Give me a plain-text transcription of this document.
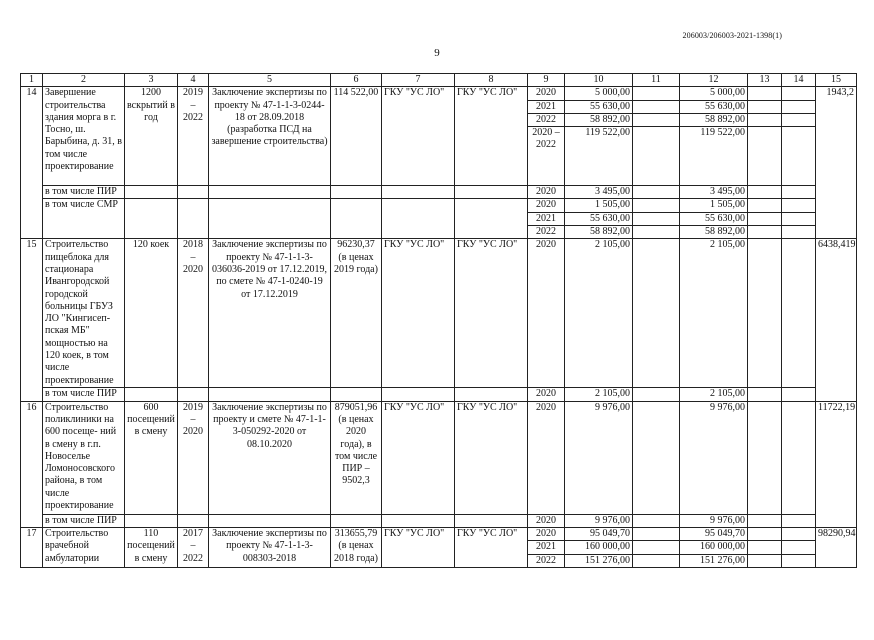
206003/206003-2021-1398(1)
9
1	2	3	4	5	6	7	8	9	10	11	12	13	14	15
14	Завершение строительства здания морга в г. Тосно, ш. Барыбина, д. 31, в том числе проектирование	1200 вскрытий в год	2019 – 2022	Заключение экспертизы по проекту № 47-1-1-3-0244-18 от 28.09.2018 (разработка ПСД на завершение строительства)	114 522,00	ГКУ "УС ЛО"	ГКУ "УС ЛО"	2020	5 000,00		5 000,00			1943,2
								2021	55 630,00		55 630,00			
								2022	58 892,00		58 892,00			
								2020 – 2022	119 522,00		119 522,00			
	в том числе ПИР							2020	3 495,00		3 495,00			
	в том числе СМР							2020	1 505,00		1 505,00			
								2021	55 630,00		55 630,00			
								2022	58 892,00		58 892,00			
15	Строительство пищеблока для стационара Ивангородской городской больницы ГБУЗ ЛО "Кингисеп- пская МБ" мощностью на 120 коек, в том числе проектирование	120 коек	2018 – 2020	Заключение экспертизы по проекту № 47-1-1-3-036036-2019 от 17.12.2019, по смете № 47-1-0240-19 от 17.12.2019	96230,37 (в ценах 2019 года)	ГКУ "УС ЛО"	ГКУ "УС ЛО"	2020	2 105,00		2 105,00			6438,419
	в том числе ПИР							2020	2 105,00		2 105,00			
16	Строительство поликлиники на 600 посеще- ний в смену в г.п. Новоселье Ломоносовского района, в том числе проектирование	600 посещений в смену	2019 – 2020	Заключение экспертизы по проекту и смете № 47-1-1-3-050292-2020 от 08.10.2020	879051,96 (в ценах 2020 года), в том числе ПИР – 9502,3	ГКУ "УС ЛО"	ГКУ "УС ЛО"	2020	9 976,00		9 976,00			11722,19
	в том числе ПИР							2020	9 976,00		9 976,00			
17	Строительство врачебной амбулатории	110 посещений в смену	2017 – 2022	Заключение экспертизы по проекту № 47-1-1-3-008303-2018	313655,79 (в ценах 2018 года)	ГКУ "УС ЛО"	ГКУ "УС ЛО"	2020	95 049,70		95 049,70			98290,94
								2021	160 000,00		160 000,00			
								2022	151 276,00		151 276,00			
